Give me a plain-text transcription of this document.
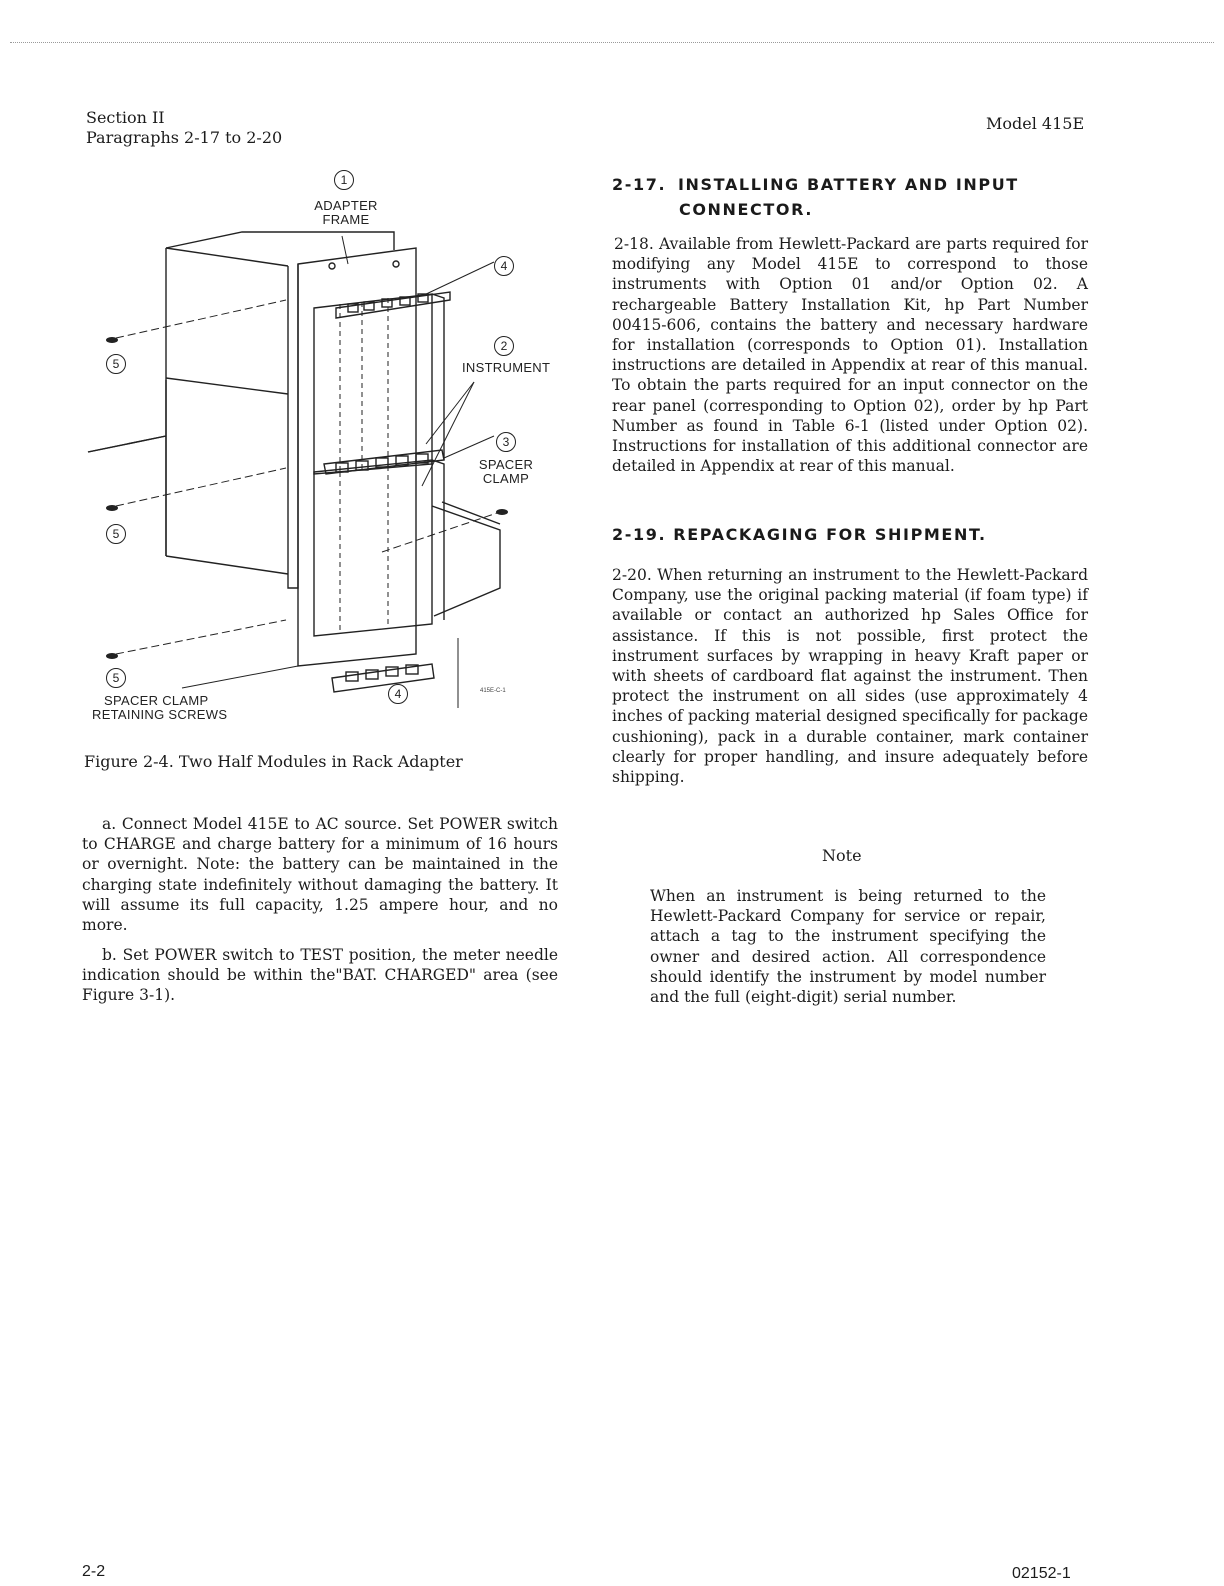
Section II
Paragraphs 2-17 to 2-20
Model 415E
1
ADAPTER
FRAME
4
2
INSTRUMENT
3
SPACER
CLAMP
5
5
5
4
SPACER CLAMP
RETAINING SCREWS
415E-C-1
Figure 2-4. Two Half Modules in Rack Adapter
a. Connect Model 415E to AC source. Set POWER switch to CHARGE and charge battery for a minimum of 16 hours or overnight. Note: the battery can be maintained in the charging state indefinitely without damaging the battery. It will assume its full capacity, 1.25 ampere hour, and no more.
b. Set POWER switch to TEST position, the meter needle indication should be within the"BAT. CHARGED" area (see Figure 3-1).
2-17. INSTALLING BATTERY AND INPUT
CONNECTOR.
2-18. Available from Hewlett-Packard are parts required for modifying any Model 415E to correspond to those instruments with Option 01 and/or Option 02. A rechargeable Battery Installation Kit, hp Part Number 00415-606, contains the battery and necessary hardware for installation (corresponds to Option 01). Installation instructions are detailed in Appendix at rear of this manual. To obtain the parts required for an input connector on the rear panel (corresponding to Option 02), order by hp Part Number as found in Table 6-1 (listed under Option 02). Instructions for installation of this additional connector are detailed in Appendix at rear of this manual.
2-19. REPACKAGING FOR SHIPMENT.
2-20. When returning an instrument to the Hewlett-Packard Company, use the original packing material (if foam type) if available or contact an authorized hp Sales Office for assistance. If this is not possible, first protect the instrument surfaces by wrapping in heavy Kraft paper or with sheets of cardboard flat against the instrument. Then protect the instrument on all sides (use approximately 4 inches of packing material designed specifically for package cushioning), pack in a durable container, mark container clearly for proper handling, and insure adequately before shipping.
Note
When an instrument is being returned to the Hewlett-Packard Company for service or repair, attach a tag to the instrument specifying the owner and desired action. All correspondence should identify the instrument by model number and the full (eight-digit) serial number.
2-2	02152-1
